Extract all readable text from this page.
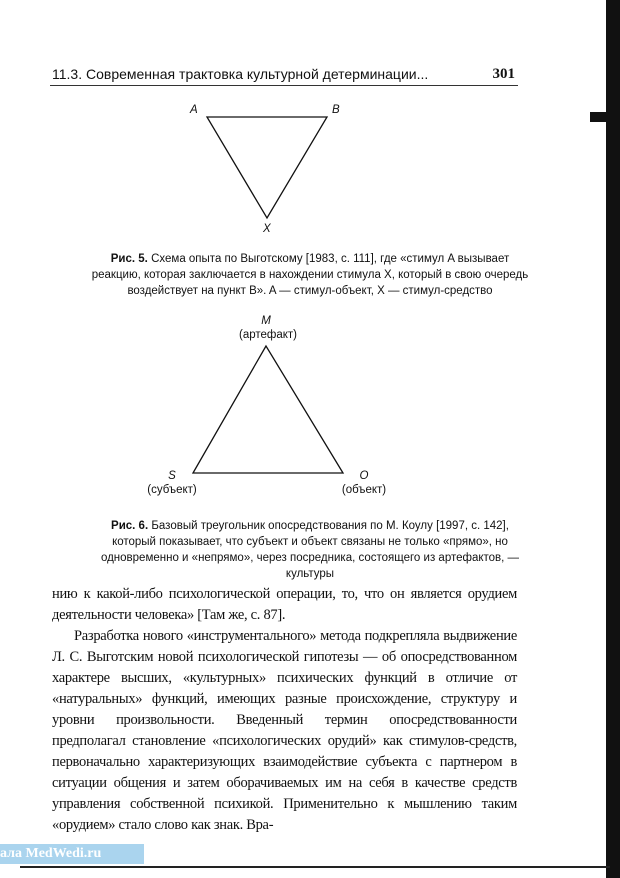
11.3. Современная трактовка культурной детерминации...	301
A	B
X
Рис. 5. Схема опыта по Выготскому [1983, с. 111], где «стимул A вызывает реакцию, которая заключается в нахождении стимула X, который в свою очередь воздействует на пункт B». A — стимул-объект, X — стимул-средство
M
(артефакт)
S
(субъект)
O
(объект)
Рис. 6. Базовый треугольник опосредствования по М. Коулу [1997, с. 142], который показывает, что субъект и объект связаны не только «прямо», но одновременно и «непрямо», через посредника, состоящего из артефактов, — культуры

нию к какой-либо психологической операции, то, что он является орудием деятельности человека» [Там же, с. 87].

Разработка нового «инструментального» метода подкрепляла выдвижение Л. С. Выготским новой психологической гипотезы — об опосредствованном характере высших, «культурных» психических функций в отличие от «натуральных» функций, имеющих разные происхождение, структуру и уровни произвольности. Введенный термин опосредствованности предполагал становление «психологических орудий» как стимулов-средств, первоначально характеризующих взаимодействие субъекта с партнером в ситуации общения и затем оборачиваемых им на себя в качестве средств управления собственной психикой. Применительно к мышлению таким «орудием» стало слово как знак. Вра-

ала MedWedi.ru
